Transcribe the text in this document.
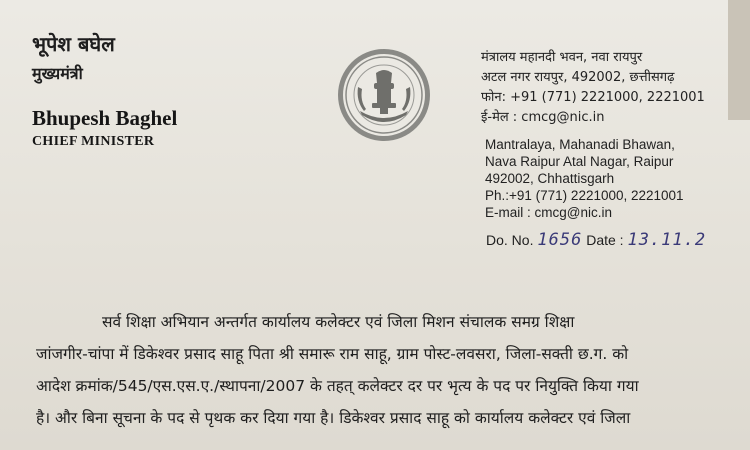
भूपेश बघेल
मुख्यमंत्री
Bhupesh Baghel
CHIEF MINISTER
मंत्रालय महानदी भवन, नवा रायपुर
अटल नगर रायपुर, 492002, छत्तीसगढ़
फोन: +91 (771) 2221000, 2221001
ई-मेल : cmcg@nic.in
Mantralaya, Mahanadi Bhawan,
Nava Raipur Atal Nagar, Raipur
492002, Chhattisgarh
Ph.:+91 (771) 2221000, 2221001
E-mail : cmcg@nic.in
Do. No. 1656 Date : 13.11.2
सर्व शिक्षा अभियान अन्तर्गत कार्यालय कलेक्टर एवं जिला मिशन संचालक समग्र शिक्षा
जांजगीर-चांपा में डिकेश्वर प्रसाद साहू पिता श्री समारू राम साहू, ग्राम पोस्ट-लवसरा, जिला-सक्ती छ.ग. को
आदेश क्रमांक/545/एस.एस.ए./स्थापना/2007 के तहत् कलेक्टर दर पर भृत्य के पद पर नियुक्ति किया गया
है। और बिना सूचना के पद से पृथक कर दिया गया है। डिकेश्वर प्रसाद साहू को कार्यालय कलेक्टर एवं जिला
